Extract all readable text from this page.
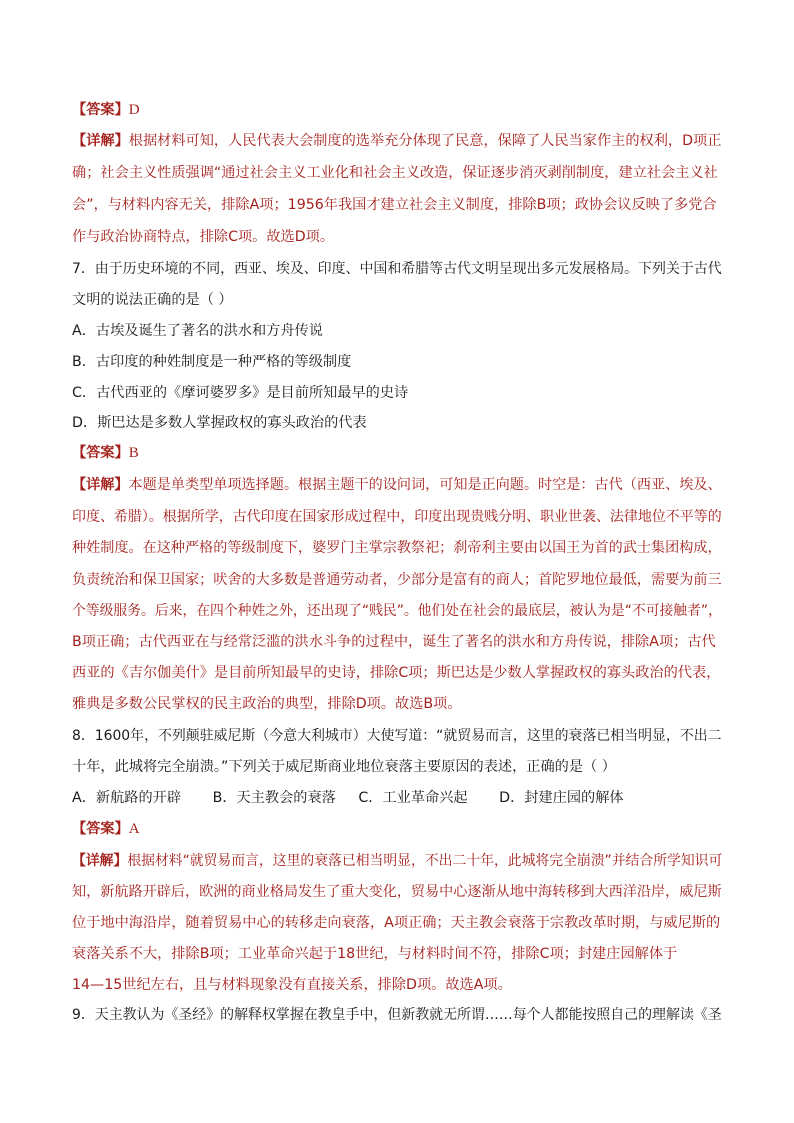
【答案】D
【详解】根据材料可知，人民代表大会制度的选举充分体现了民意，保障了人民当家作主的权利，D项正
确；社会主义性质强调“通过社会主义工业化和社会主义改造，保证逐步消灭剥削制度，建立社会主义社
会”，与材料内容无关，排除A项；1956年我国才建立社会主义制度，排除B项；政协会议反映了多党合
作与政治协商特点，排除C项。故选D项。
7．由于历史环境的不同，西亚、埃及、印度、中国和希腊等古代文明呈现出多元发展格局。下列关于古代
文明的说法正确的是（ ）
A．古埃及诞生了著名的洪水和方舟传说
B．古印度的种姓制度是一种严格的等级制度
C．古代西亚的《摩诃婆罗多》是目前所知最早的史诗
D．斯巴达是多数人掌握政权的寡头政治的代表
【答案】B
【详解】本题是单类型单项选择题。根据主题干的设问词，可知是正向题。时空是：古代（西亚、埃及、
印度、希腊）。根据所学，古代印度在国家形成过程中，印度出现贵贱分明、职业世袭、法律地位不平等的
种姓制度。在这种严格的等级制度下，婆罗门主掌宗教祭祀；刹帝利主要由以国王为首的武士集团构成，
负责统治和保卫国家；吠舍的大多数是普通劳动者，少部分是富有的商人；首陀罗地位最低，需要为前三
个等级服务。后来，在四个种姓之外，还出现了“贱民”。他们处在社会的最底层，被认为是“不可接触者”，
B项正确；古代西亚在与经常泛滥的洪水斗争的过程中，诞生了著名的洪水和方舟传说，排除A项；古代
西亚的《吉尔伽美什》是目前所知最早的史诗，排除C项；斯巴达是少数人掌握政权的寡头政治的代表，
雅典是多数公民掌权的民主政治的典型，排除D项。故选B项。
8．1600年，不列颠驻威尼斯（今意大利城市）大使写道：“就贸易而言，这里的衰落已相当明显，不出二
十年，此城将完全崩溃。”下列关于威尼斯商业地位衰落主要原因的表述，正确的是（ ）
A．新航路的开辟       B．天主教会的衰落     C．工业革命兴起       D．封建庄园的解体
【答案】A
【详解】根据材料“就贸易而言，这里的衰落已相当明显，不出二十年，此城将完全崩溃”并结合所学知识可
知，新航路开辟后，欧洲的商业格局发生了重大变化，贸易中心逐渐从地中海转移到大西洋沿岸，威尼斯
位于地中海沿岸，随着贸易中心的转移走向衰落，A项正确；天主教会衰落于宗教改革时期，与威尼斯的
衰落关系不大，排除B项；工业革命兴起于18世纪，与材料时间不符，排除C项；封建庄园解体于
14—15世纪左右，且与材料现象没有直接关系，排除D项。故选A项。
9．天主教认为《圣经》的解释权掌握在教皇手中，但新教就无所谓……每个人都能按照自己的理解读《圣
